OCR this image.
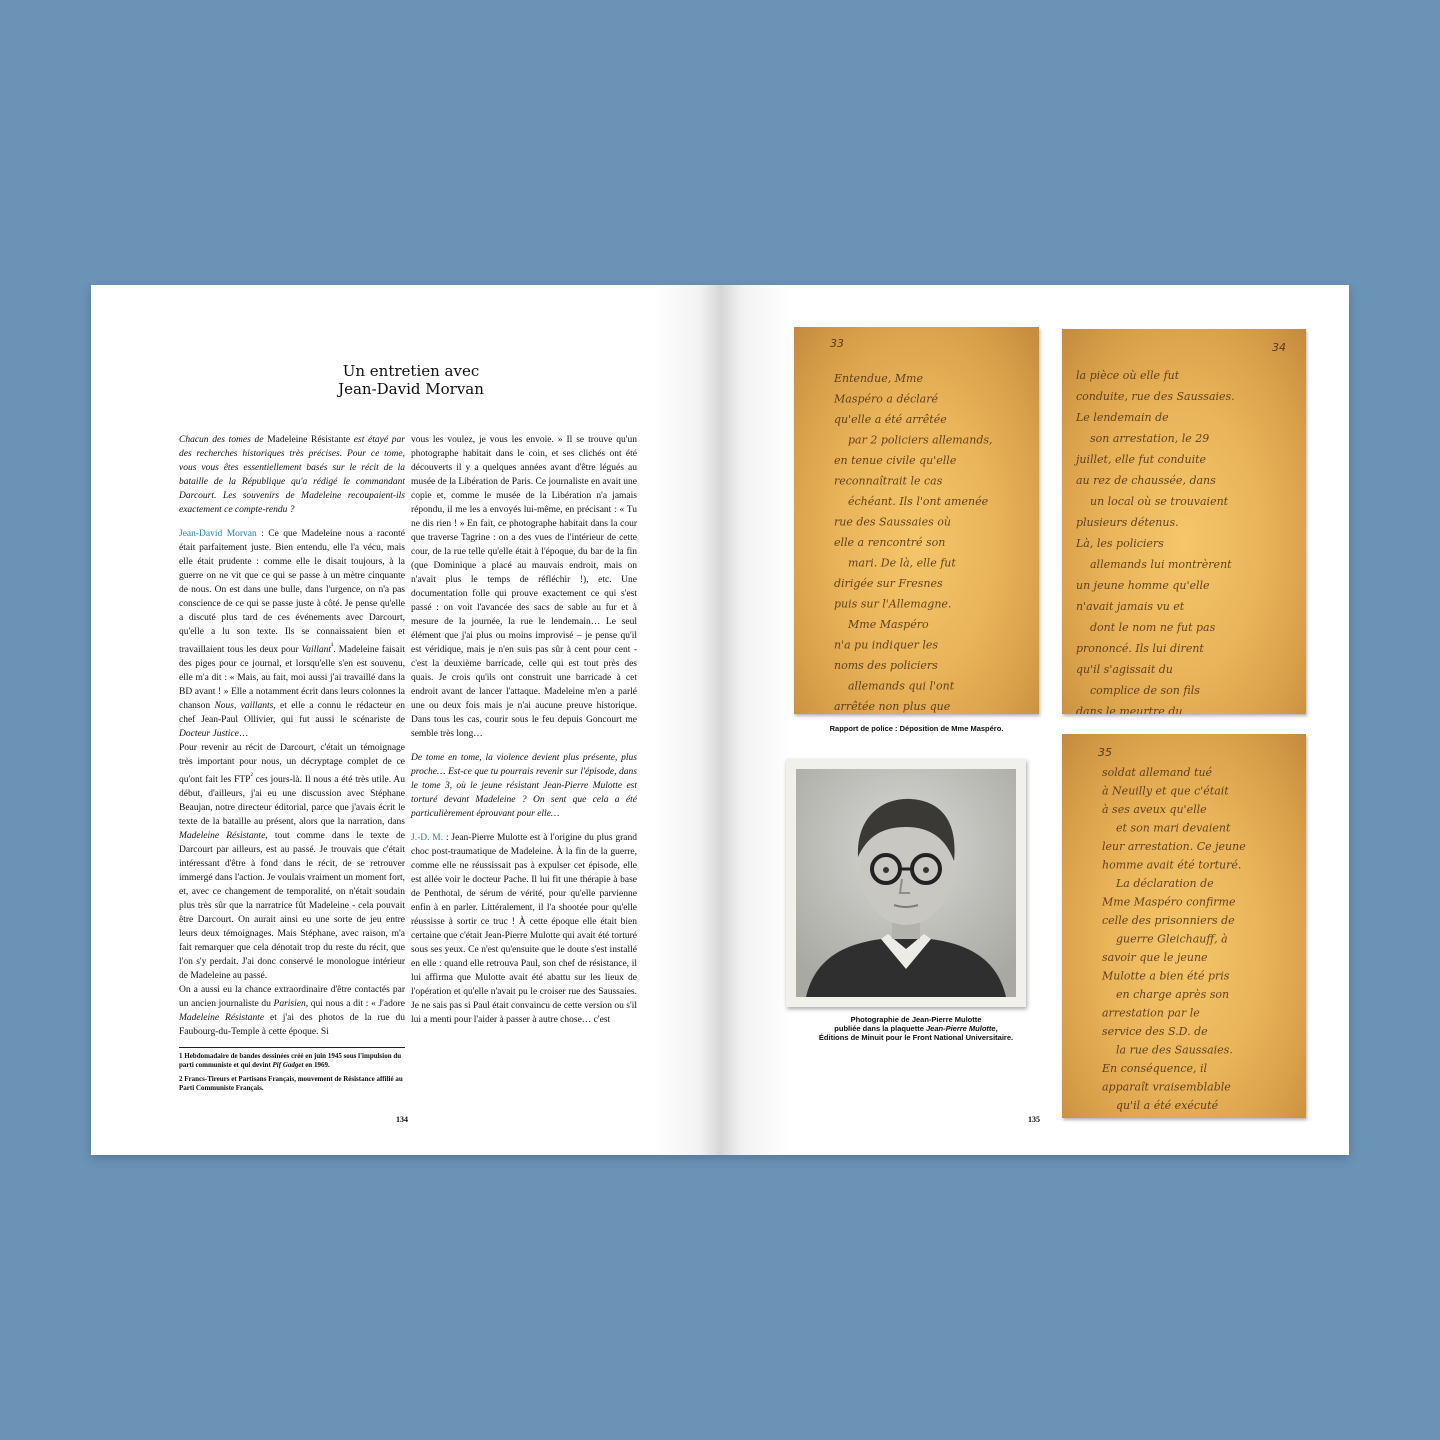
Un entretien avec
Jean-David Morvan

Chacun des tomes de Madeleine Résistante est étayé par des recherches historiques très précises. Pour ce tome, vous vous êtes essentiellement basés sur le récit de la bataille de la République qu'a rédigé le commandant Darcourt. Les souvenirs de Madeleine recoupaient-ils exactement ce compte-rendu ?

Jean-David Morvan : Ce que Madeleine nous a raconté était parfaitement juste. Bien entendu, elle l'a vécu, mais elle était prudente : comme elle le disait toujours, à la guerre on ne vit que ce qui se passe à un mètre cinquante de nous. On est dans une bulle, dans l'urgence, on n'a pas conscience de ce qui se passe juste à côté. Je pense qu'elle a discuté plus tard de ces événements avec Darcourt, qu'elle a lu son texte. Ils se connaissaient bien et travaillaient tous les deux pour Vaillant$^{^1}$. Madeleine faisait des piges pour ce journal, et lorsqu'elle s'en est souvenu, elle m'a dit : « Mais, au fait, moi aussi j'ai travaillé dans la BD avant ! » Elle a notamment écrit dans leurs colonnes la chanson Nous, vaillants, et elle a connu le rédacteur en chef Jean-Paul Ollivier, qui fut aussi le scénariste de Docteur Justice…

Pour revenir au récit de Darcourt, c'était un témoignage très important pour nous, un décryptage complet de ce qu'ont fait les $FTP^{^2}$ ces jours-là. Il nous a été très utile. Au début, d'ailleurs, j'ai eu une discussion avec Stéphane Beaujan, notre directeur éditorial, parce que j'avais écrit le texte de la bataille au présent, alors que la narration, dans Madeleine Résistante, tout comme dans le texte de Darcourt par ailleurs, est au passé. Je trouvais que c'était intéressant d'être à fond dans le récit, de se retrouver immergé dans l'action. Je voulais vraiment un moment fort, et, avec ce changement de temporalité, on n'était soudain plus très sûr que la narratrice fût Madeleine - cela pouvait être Darcourt. On aurait ainsi eu une sorte de jeu entre leurs deux témoignages. Mais Stéphane, avec raison, m'a fait remarquer que cela dénotait trop du reste du récit, que l'on s'y perdait. J'ai donc conservé le monologue intérieur de Madeleine au passé.

On a aussi eu la chance extraordinaire d'être contactés par un ancien journaliste du Parisien, qui nous a dit : « J'adore Madeleine Résistante et j'ai des photos de la rue du Faubourg-du-Temple à cette époque. Si

vous les voulez, je vous les envoie. » Il se trouve qu'un photographe habitait dans le coin, et ses clichés ont été découverts il y a quelques années avant d'être légués au musée de la Libération de Paris. Ce journaliste en avait une copie et, comme le musée de la Libération n'a jamais répondu, il me les a envoyés lui-même, en précisant : « Tu ne dis rien ! » En fait, ce photographe habitait dans la cour que traverse Tagrine : on a des vues de l'intérieur de cette cour, de la rue telle qu'elle était à l'époque, du bar de la fin (que Dominique a placé au mauvais endroit, mais on n'avait plus le temps de réfléchir !), etc. Une documentation folle qui prouve exactement ce qui s'est passé : on voit l'avancée des sacs de sable au fur et à mesure de la journée, la rue le lendemain… Le seul élément que j'ai plus ou moins improvisé – je pense qu'il est véridique, mais je n'en suis pas sûr à cent pour cent - c'est la deuxième barricade, celle qui est tout près des quais. Je crois qu'ils ont construit une barricade à cet endroit avant de lancer l'attaque. Madeleine m'en a parlé une ou deux fois mais je n'ai aucune preuve historique. Dans tous les cas, courir sous le feu depuis Goncourt me semble très long…

De tome en tome, la violence devient plus présente, plus proche… Est-ce que tu pourrais revenir sur l'épisode, dans le tome 3, où le jeune résistant Jean-Pierre Mulotte est torturé devant Madeleine ? On sent que cela a été particulièrement éprouvant pour elle…

J.-D. M. : Jean-Pierre Mulotte est à l'origine du plus grand choc post-traumatique de Madeleine. À la fin de la guerre, comme elle ne réussissait pas à expulser cet épisode, elle est allée voir le docteur Pache. Il lui fit une thérapie à base de Penthotal, de sérum de vérité, pour qu'elle parvienne enfin à en parler. Littéralement, il l'a shootée pour qu'elle réussisse à sortir ce truc ! À cette époque elle était bien certaine que c'était Jean-Pierre Mulotte qui avait été torturé sous ses yeux. Ce n'est qu'ensuite que le doute s'est installé en elle : quand elle retrouva Paul, son chef de résistance, il lui affirma que Mulotte avait été abattu sur les lieux de l'opération et qu'elle n'avait pu le croiser rue des Saussaies. Je ne sais pas si Paul était convaincu de cette version ou s'il lui a menti pour l'aider à passer à autre chose… c'est

1 Hebdomadaire de bandes dessinées créé en juin 1945 sous l'impulsion du parti communiste et qui devint Pif Gadget en 1969.

2 Francs-Tireurs et Partisans Français, mouvement de Résistance affilié au Parti Communiste Français.

134
33
Entendue, Mme
Maspéro a déclaré
qu'elle a été arrêtée
par 2 policiers allemands,
en tenue civile qu'elle
reconnaîtrait le cas
échéant. Ils l'ont amenée
rue des Saussaies où
elle a rencontré son
mari. De là, elle fut
dirigée sur Fresnes
puis sur l'Allemagne.
Mme Maspéro
n'a pu indiquer les
noms des policiers
allemands qui l'ont
arrêtée non plus que
34
la pièce où elle fut
conduite, rue des Saussaies.
Le lendemain de
son arrestation, le 29
juillet, elle fut conduite
au rez de chaussée, dans
un local où se trouvaient
plusieurs détenus.
Là, les policiers
allemands lui montrèrent
un jeune homme qu'elle
n'avait jamais vu et
dont le nom ne fut pas
prononcé. Ils lui dirent
qu'il s'agissait du
complice de son fils
dans le meurtre du
35
soldat allemand tué
à Neuilly et que c'était
à ses aveux qu'elle
et son mari devaient
leur arrestation. Ce jeune
homme avait été torturé.
La déclaration de
Mme Maspéro confirme
celle des prisonniers de
guerre Gleichauff, à
savoir que le jeune
Mulotte a bien été pris
en charge après son
arrestation par le
service des S.D. de
la rue des Saussaies.
En conséquence, il
apparaît vraisemblable
qu'il a été exécuté

Rapport de police : Déposition de Mme Maspéro.

Photographie de Jean-Pierre Mulotte
publiée dans la plaquette Jean-Pierre Mulotte,
Éditions de Minuit pour le Front National Universitaire.

135
